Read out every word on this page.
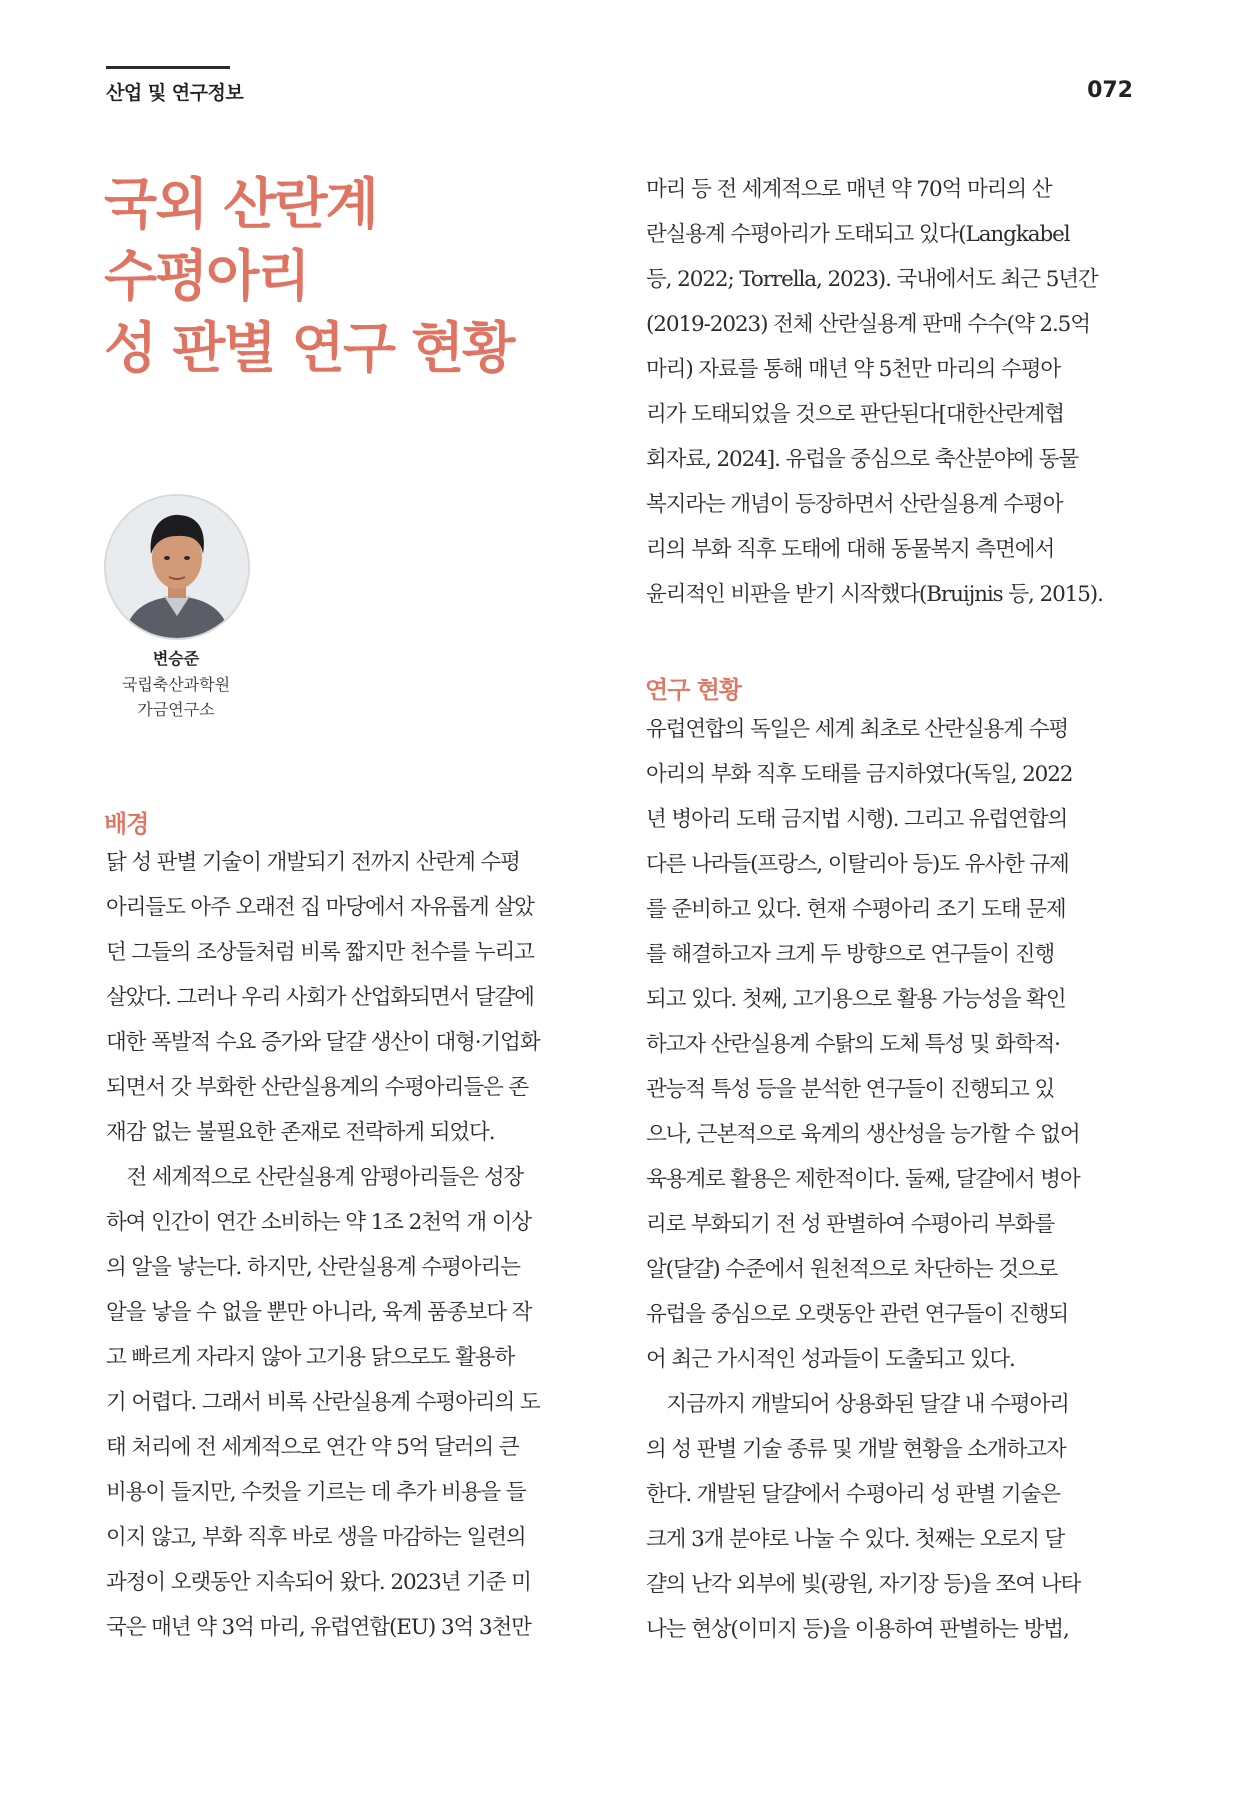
산업 및 연구정보	072
국외 산란계
수평아리
성 판별 연구 현황
변승준
국립축산과학원
가금연구소
배경
연구 현황
닭 성 판별 기술이 개발되기 전까지 산란계 수평
아리들도 아주 오래전 집 마당에서 자유롭게 살았
던 그들의 조상들처럼 비록 짧지만 천수를 누리고
살았다. 그러나 우리 사회가 산업화되면서 달걀에
대한 폭발적 수요 증가와 달걀 생산이 대형·기업화
되면서 갓 부화한 산란실용계의 수평아리들은 존
재감 없는 불필요한 존재로 전락하게 되었다.
　전 세계적으로 산란실용계 암평아리들은 성장
하여 인간이 연간 소비하는 약 1조 2천억 개 이상
의 알을 낳는다. 하지만, 산란실용계 수평아리는
알을 낳을 수 없을 뿐만 아니라, 육계 품종보다 작
고 빠르게 자라지 않아 고기용 닭으로도 활용하
기 어렵다. 그래서 비록 산란실용계 수평아리의 도
태 처리에 전 세계적으로 연간 약 5억 달러의 큰
비용이 들지만, 수컷을 기르는 데 추가 비용을 들
이지 않고, 부화 직후 바로 생을 마감하는 일련의
과정이 오랫동안 지속되어 왔다. 2023년 기준 미
국은 매년 약 3억 마리, 유럽연합(EU) 3억 3천만
마리 등 전 세계적으로 매년 약 70억 마리의 산
란실용계 수평아리가 도태되고 있다(Langkabel
등, 2022; Torrella, 2023). 국내에서도 최근 5년간
(2019-2023) 전체 산란실용계 판매 수수(약 2.5억
마리) 자료를 통해 매년 약 5천만 마리의 수평아
리가 도태되었을 것으로 판단된다[대한산란계협
회자료, 2024]. 유럽을 중심으로 축산분야에 동물
복지라는 개념이 등장하면서 산란실용계 수평아
리의 부화 직후 도태에 대해 동물복지 측면에서
윤리적인 비판을 받기 시작했다(Bruijnis 등, 2015).
유럽연합의 독일은 세계 최초로 산란실용계 수평
아리의 부화 직후 도태를 금지하였다(독일, 2022
년 병아리 도태 금지법 시행). 그리고 유럽연합의
다른 나라들(프랑스, 이탈리아 등)도 유사한 규제
를 준비하고 있다. 현재 수평아리 조기 도태 문제
를 해결하고자 크게 두 방향으로 연구들이 진행
되고 있다. 첫째, 고기용으로 활용 가능성을 확인
하고자 산란실용계 수탉의 도체 특성 및 화학적·
관능적 특성 등을 분석한 연구들이 진행되고 있
으나, 근본적으로 육계의 생산성을 능가할 수 없어
육용계로 활용은 제한적이다. 둘째, 달걀에서 병아
리로 부화되기 전 성 판별하여 수평아리 부화를
알(달걀) 수준에서 원천적으로 차단하는 것으로
유럽을 중심으로 오랫동안 관련 연구들이 진행되
어 최근 가시적인 성과들이 도출되고 있다.
　지금까지 개발되어 상용화된 달걀 내 수평아리
의 성 판별 기술 종류 및 개발 현황을 소개하고자
한다. 개발된 달걀에서 수평아리 성 판별 기술은
크게 3개 분야로 나눌 수 있다. 첫째는 오로지 달
걀의 난각 외부에 빛(광원, 자기장 등)을 쪼여 나타
나는 현상(이미지 등)을 이용하여 판별하는 방법,
